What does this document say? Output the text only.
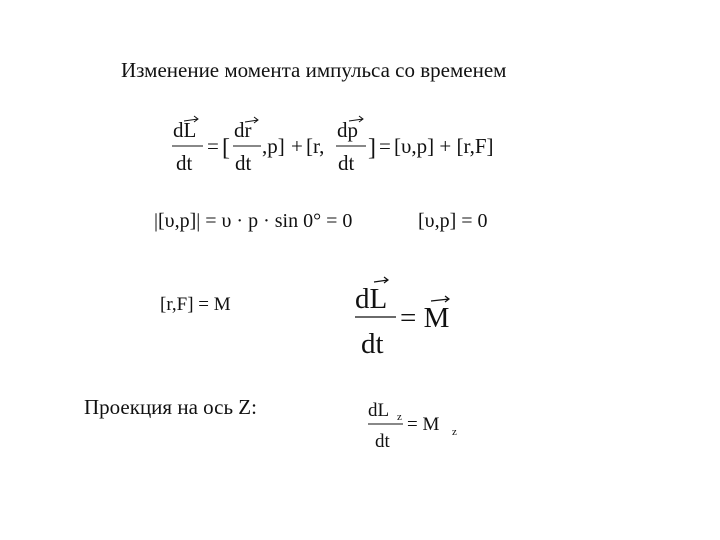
Изменение момента импульса со временем
dL
dt
= [
dr
dt
,p] + [r,
dp
dt
] = [υ,p] + [r,F]
|[υ,p]| = υ · p · sin 0° = 0	[υ,p] = 0
[r,F] = M	dL
dt
= M
Проекция на ось Z:	dL z
dt
= M z
